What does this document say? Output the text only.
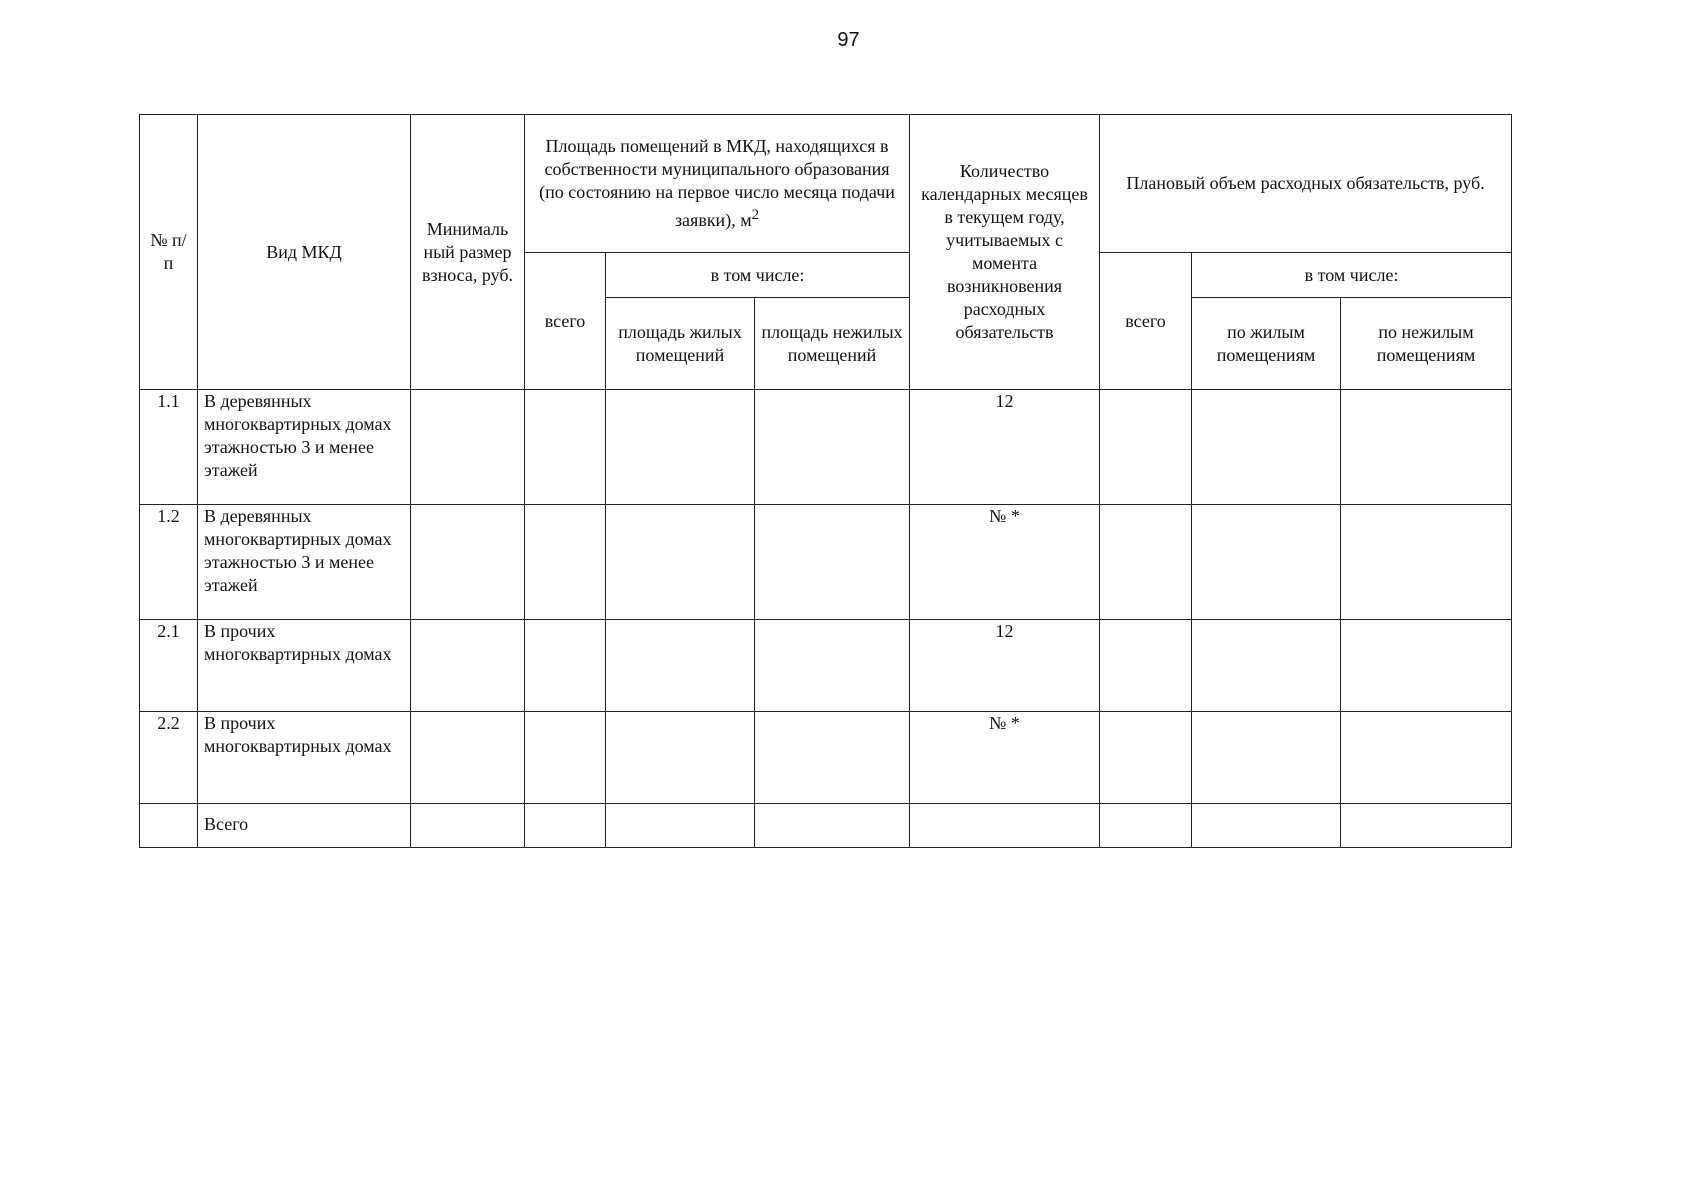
97
№ п/п	Вид МКД	Минималь ный размер взноса, руб.	Площадь помещений в МКД, находящихся в собственности муниципального образования (по состоянию на первое число месяца подачи заявки), $м^2$			Количество календарных месяцев в текущем году, учитываемых с момента возникновения расходных обязательств	Плановый объем расходных обязательств, руб.		
			всего	в том числе:			всего	в том числе:	
				площадь жилых помещений	площадь нежилых помещений			по жилым помещениям	по нежилым помещениям
1.1	В деревянных многоквартирных домах этажностью 3 и менее этажей					12			
1.2	В деревянных многоквартирных домах этажностью 3 и менее этажей					№ *			
2.1	В прочих многоквартирных домах					12			
2.2	В прочих многоквартирных домах					№ *			
	Всего								
